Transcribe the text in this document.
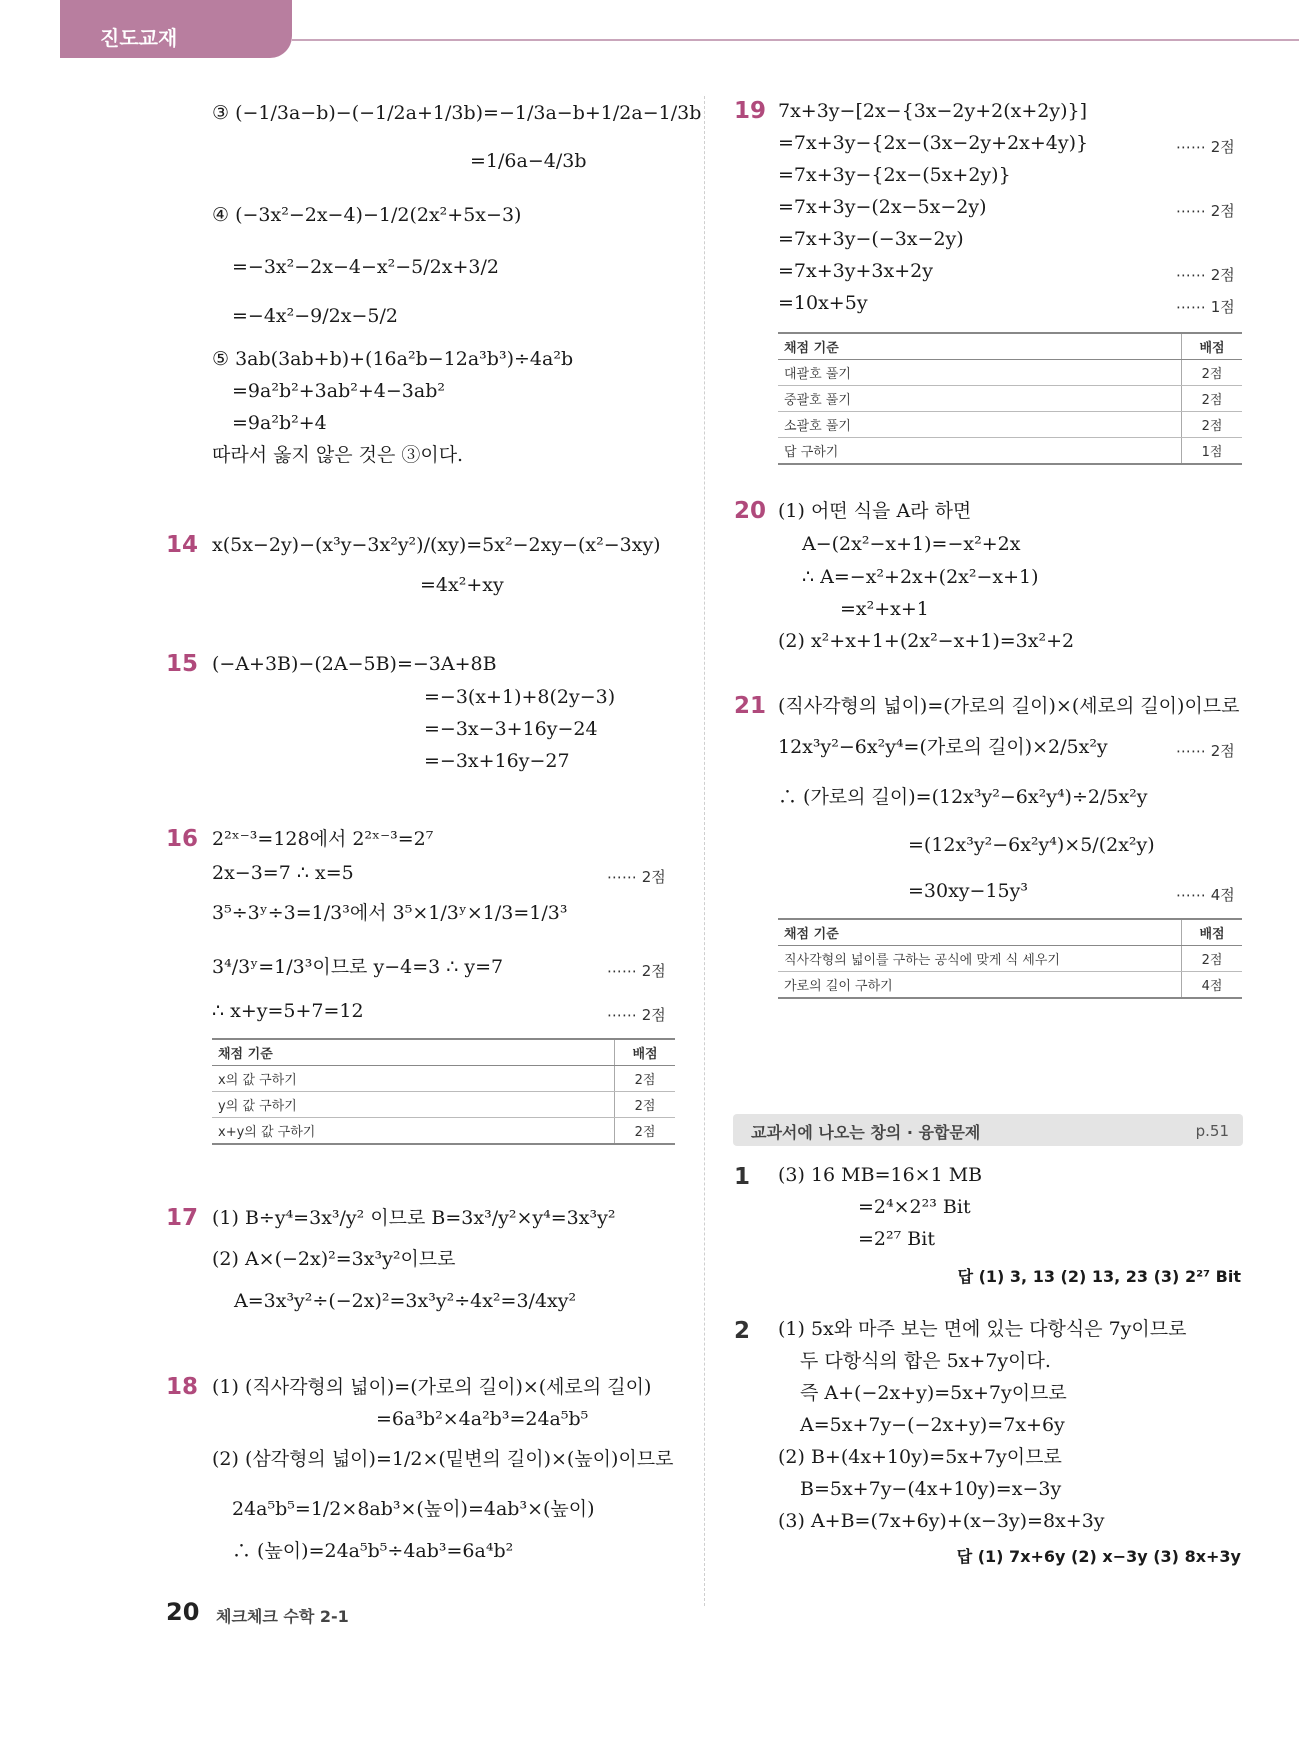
진도교재
③ (−1/3a−b)−(−1/2a+1/3b)=−1/3a−b+1/2a−1/3b
=1/6a−4/3b
④ (−3x²−2x−4)−1/2(2x²+5x−3)
=−3x²−2x−4−x²−5/2x+3/2
=−4x²−9/2x−5/2
⑤ 3ab(3ab+b)+(16a²b−12a³b³)÷4a²b
=9a²b²+3ab²+4−3ab²
=9a²b²+4
따라서 옳지 않은 것은 ③이다.
14 x(5x−2y)−(x³y−3x²y²)/(xy)=5x²−2xy−(x²−3xy)
=4x²+xy
15 (−A+3B)−(2A−5B)=−3A+8B
=−3(x+1)+8(2y−3)
=−3x−3+16y−24
=−3x+16y−27
16 2²ˣ⁻³=128에서 2²ˣ⁻³=2⁷
2x−3=7 ∴ x=5	⋯⋯ 2점
3⁵÷3ʸ÷3=1/3³에서 3⁵×1/3ʸ×1/3=1/3³
3⁴/3ʸ=1/3³이므로 y−4=3 ∴ y=7	⋯⋯ 2점
∴ x+y=5+7=12	⋯⋯ 2점
채점 기준	배점
x의 값 구하기	2점
y의 값 구하기	2점
x+y의 값 구하기	2점
17 (1) B÷y⁴=3x³/y² 이므로 B=3x³/y²×y⁴=3x³y²
(2) A×(−2x)²=3x³y²이므로
A=3x³y²÷(−2x)²=3x³y²÷4x²=3/4xy²
18 (1) (직사각형의 넓이)=(가로의 길이)×(세로의 길이)
=6a³b²×4a²b³=24a⁵b⁵
(2) (삼각형의 넓이)=1/2×(밑변의 길이)×(높이)이므로
24a⁵b⁵=1/2×8ab³×(높이)=4ab³×(높이)
∴ (높이)=24a⁵b⁵÷4ab³=6a⁴b²
19 7x+3y−[2x−{3x−2y+2(x+2y)}]
=7x+3y−{2x−(3x−2y+2x+4y)}	⋯⋯ 2점
=7x+3y−{2x−(5x+2y)}
=7x+3y−(2x−5x−2y)	⋯⋯ 2점
=7x+3y−(−3x−2y)
=7x+3y+3x+2y	⋯⋯ 2점
=10x+5y	⋯⋯ 1점
채점 기준	배점
대괄호 풀기	2점
중괄호 풀기	2점
소괄호 풀기	2점
답 구하기	1점
20 (1) 어떤 식을 A라 하면
A−(2x²−x+1)=−x²+2x
∴ A=−x²+2x+(2x²−x+1)
=x²+x+1
(2) x²+x+1+(2x²−x+1)=3x²+2
21 (직사각형의 넓이)=(가로의 길이)×(세로의 길이)이므로
12x³y²−6x²y⁴=(가로의 길이)×2/5x²y	⋯⋯ 2점
∴ (가로의 길이)=(12x³y²−6x²y⁴)÷2/5x²y
=(12x³y²−6x²y⁴)×5/(2x²y)
=30xy−15y³	⋯⋯ 4점
채점 기준	배점
직사각형의 넓이를 구하는 공식에 맞게 식 세우기	2점
가로의 길이 구하기	4점
교과서에 나오는 창의 · 융합문제	p.51
1 (3) 16 MB=16×1 MB
=2⁴×2²³ Bit
=2²⁷ Bit
답 (1) 3, 13 (2) 13, 23 (3) 2²⁷ Bit
2 (1) 5x와 마주 보는 면에 있는 다항식은 7y이므로
두 다항식의 합은 5x+7y이다.
즉 A+(−2x+y)=5x+7y이므로
A=5x+7y−(−2x+y)=7x+6y
(2) B+(4x+10y)=5x+7y이므로
B=5x+7y−(4x+10y)=x−3y
(3) A+B=(7x+6y)+(x−3y)=8x+3y
답 (1) 7x+6y (2) x−3y (3) 8x+3y
20 체크체크 수학 2-1
